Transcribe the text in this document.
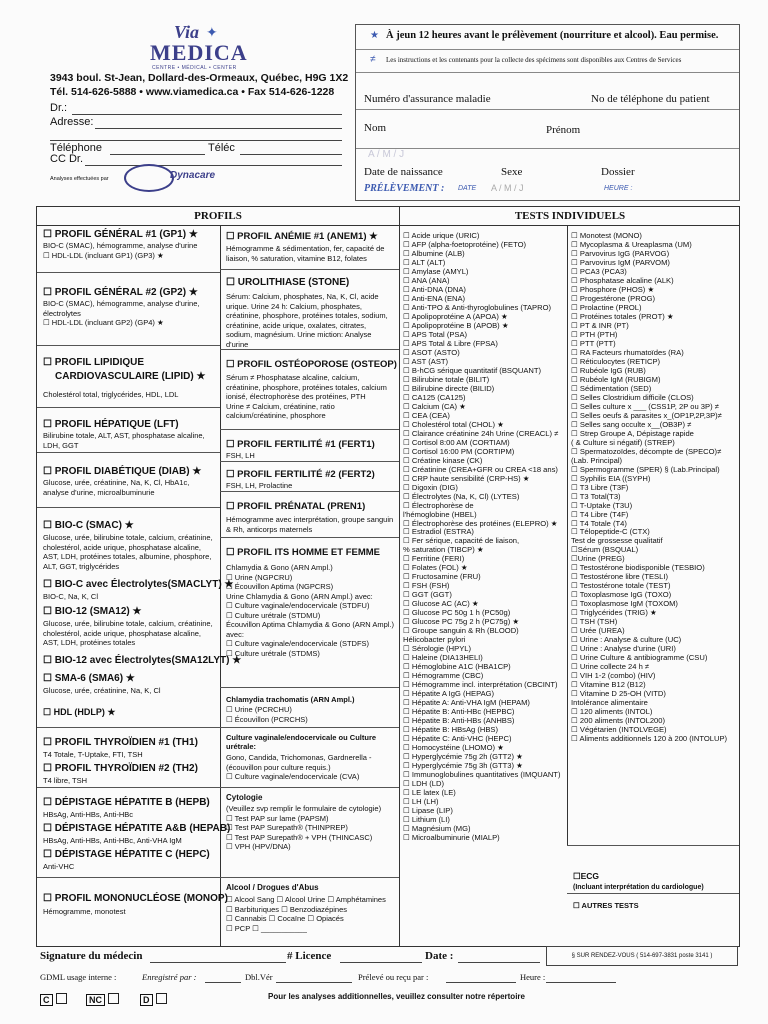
Via ✦
MEDICA
CENTRE • MÉDICAL • CENTER
3943 boul. St-Jean, Dollard-des-Ormeaux, Québec, H9G 1X2
Tél. 514-626-5888 • www.viamedica.ca • Fax 514-626-1228
Dr.:
Adresse:
Téléphone	Téléc
CC Dr.
Analyses effectuées par	Dynacare
★ À jeun 12 heures avant le prélèvement (nourriture et alcool). Eau permise.
≠ Les instructions et les contenants pour la collecte des spécimens sont disponibles aux Centres de Services
Numéro d'assurance maladie	No de téléphone du patient
Nom	Prénom
A / M / J
Date de naissance	Sexe	Dossier
PRÉLÈVEMENT : DATE A / M / J	HEURE :
PROFILS	TESTS INDIVIDUELS
☐ PROFIL GÉNÉRAL #1 (GP1) ★
BIO-C (SMAC), hémogramme, analyse d'urine
☐ HDL-LDL (incluant GP1) (GP3) ★
☐ PROFIL GÉNÉRAL #2 (GP2) ★
BIO-C (SMAC), hémogramme, analyse d'urine, électrolytes
☐ HDL-LDL (incluant GP2) (GP4) ★
☐ PROFIL LIPIDIQUE
CARDIOVASCULAIRE (LIPID) ★
Cholestérol total, triglycérides, HDL, LDL
☐ PROFIL HÉPATIQUE (LFT)
Bilirubine totale, ALT, AST, phosphatase alcaline, LDH, GGT
☐ PROFIL DIABÉTIQUE (DIAB) ★
Glucose, urée, créatinine, Na, K, Cl, HbA1c, analyse d'urine, microalbuminurie
☐ BIO-C (SMAC) ★
Glucose, urée, bilirubine totale, calcium, créatinine, cholestérol, acide urique, phosphatase alcaline, AST, LDH, protéines totales, albumine, phosphore, ALT, GGT, triglycérides
☐ BIO-C avec Électrolytes(SMACLYT) ★
BIO-C, Na, K, Cl
☐ BIO-12 (SMA12) ★
Glucose, urée, bilirubine totale, calcium, créatinine, cholestérol, acide urique, phosphatase alcaline, AST, LDH, protéines totales
☐ BIO-12 avec Électrolytes(SMA12LYT) ★
☐ SMA-6 (SMA6) ★
Glucose, urée, créatinine, Na, K, Cl
☐ HDL (HDLP) ★
☐ PROFIL THYROÏDIEN #1 (TH1)
T4 Totale, T-Uptake, FTI, TSH
☐ PROFIL THYROÏDIEN #2 (TH2)
T4 libre, TSH
☐ DÉPISTAGE HÉPATITE B (HEPB)
HBsAg, Anti-HBs, Anti-HBc
☐ DÉPISTAGE HÉPATITE A&B (HEPAB)
HBsAg, Anti-HBs, Anti-HBc, Anti-VHA IgM
☐ DÉPISTAGE HÉPATITE C (HEPC)
Anti-VHC
☐ PROFIL MONONUCLÉOSE (MONOP)
Hémogramme, monotest
☐ PROFIL ANÉMIE #1 (ANEM1) ★
Hémogramme & sédimentation, fer, capacité de liaison, % saturation, vitamine B12, folates
☐ UROLITHIASE (STONE)
Sérum: Calcium, phosphates, Na, K, Cl, acide urique. Urine 24 h: Calcium, phosphates, créatinine, phosphore, protéines totales, sodium, créatinine, acide urique, oxalates, citrates, sodium, magnésium. Urine miction: Analyse d'urine
☐ PROFIL OSTÉOPOROSE (OSTEOP)
Sérum ≠ Phosphatase alcaline, calcium, créatinine, phosphore, protéines totales, calcium ionisé, électrophorèse des protéines, PTH
Urine ≠ Calcium, créatinine, ratio calcium/créatinine, phosphore
☐ PROFIL FERTILITÉ #1 (FERT1)
FSH, LH
☐ PROFIL FERTILITÉ #2 (FERT2)
FSH, LH, Prolactine
☐ PROFIL PRÉNATAL (PREN1)
Hémogramme avec interprétation, groupe sanguin & Rh, anticorps maternels
☐ PROFIL ITS HOMME ET FEMME
Chlamydia & Gono (ARN Ampl.)
☐ Urine (NGPCRU)
☐ Écouvillon Aptima (NGPCRS)
Urine Chlamydia & Gono (ARN Ampl.) avec:
☐ Culture vaginale/endocervicale (STDFU)
☐ Culture urétrale (STDMU)
Écouvillon Aptima Chlamydia & Gono (ARN Ampl.) avec:
☐ Culture vaginale/endocervicale (STDFS)
☐ Culture urétrale (STDMS)
Chlamydia trachomatis (ARN Ampl.)
☐ Urine (PCRCHU)
☐ Écouvillon (PCRCHS)
Culture vaginale/endocervicale ou Culture urétrale:
Gono, Candida, Trichomonas, Gardnerella - (écouvillon pour culture requis.)
☐ Culture vaginale/endocervicale (CVA)
Cytologie
(Veuillez svp remplir le formulaire de cytologie)
☐ Test PAP sur lame (PAPSM)
☐ Test PAP Surepath® (THINPREP)
☐ Test PAP Surepath® + VPH (THINCASC)
☐ VPH (HPV/DNA)
Alcool / Drogues d'Abus
☐ Alcool Sang ☐ Alcool Urine ☐ Amphétamines
☐ Barbituriques ☐ Benzodiazépines
☐ Cannabis ☐ Cocaïne ☐ Opiacés
☐ PCP ☐ ___________
☐ Acide urique (URIC)
☐ AFP (alpha-foetoprotéine) (FETO)
☐ Albumine (ALB)
☐ ALT (ALT)
☐ Amylase (AMYL)
☐ ANA (ANA)
☐ Anti-DNA (DNA)
☐ Anti-ENA (ENA)
☐ Anti-TPO & Anti-thyroglobulines (TAPRO)
☐ Apolipoprotéine A (APOA) ★
☐ Apolipoprotéine B (APOB) ★
☐ APS Total (PSA)
☐ APS Total & Libre (FPSA)
☐ ASOT (ASTO)
☐ AST (AST)
☐ B-hCG sérique quantitatif (BSQUANT)
☐ Bilirubine totale (BILIT)
☐ Bilirubine directe (BILID)
☐ CA125 (CA125)
☐ Calcium (CA) ★
☐ CEA (CEA)
☐ Cholestérol total (CHOL) ★
☐ Clairance créatinine 24h Urine (CREACL) ≠
☐ Cortisol 8:00 AM (CORTIAM)
☐ Cortisol 16:00 PM (CORTIPM)
☐ Créatine kinase (CK)
☐ Créatinine (CREA+GFR ou CREA <18 ans)
☐ CRP haute sensibilité (CRP-HS) ★
☐ Digoxin (DIG)
☐ Électrolytes (Na, K, Cl) (LYTES)
☐ Électrophorèse de
l'hémoglobine (HBEL)
☐ Électrophorèse des protéines (ELEPRO) ★
☐ Estradiol (ESTRA)
☐ Fer sérique, capacité de liaison,
% saturation (TIBCP) ★
☐ Ferritine (FERI)
☐ Folates (FOL) ★
☐ Fructosamine (FRU)
☐ FSH (FSH)
☐ GGT (GGT)
☐ Glucose AC (AC) ★
☐ Glucose PC 50g 1 h (PC50g)
☐ Glucose PC 75g 2 h (PC75g) ★
☐ Groupe sanguin & Rh (BLOOD)
Hélicobacter pylori
☐ Sérologie (HPYL)
☐ Haleine (DIA13HELI)
☐ Hémoglobine A1C (HBA1CP)
☐ Hémogramme (CBC)
☐ Hémogramme incl. interprétation (CBCINT)
☐ Hépatite A IgG (HEPAG)
☐ Hépatite A: Anti-VHA IgM (HEPAM)
☐ Hépatite B: Anti-HBc (HEPBC)
☐ Hépatite B: Anti-HBs (ANHBS)
☐ Hépatite B: HBsAg (HBS)
☐ Hépatite C: Anti-VHC (HEPC)
☐ Homocystéine (LHOMO) ★
☐ Hyperglycémie 75g 2h (GTT2) ★
☐ Hyperglycémie 75g 3h (GTT3) ★
☐ Immunoglobulines quantitatives (IMQUANT)
☐ LDH (LD)
☐ LE latex (LE)
☐ LH (LH)
☐ Lipase (LIP)
☐ Lithium (LI)
☐ Magnésium (MG)
☐ Microalbuminurie (MIALP)
☐ Monotest (MONO)
☐ Mycoplasma & Ureaplasma (UM)
☐ Parvovirus IgG (PARVOG)
☐ Parvovirus IgM (PARVOM)
☐ PCA3 (PCA3)
☐ Phosphatase alcaline (ALK)
☐ Phosphore (PHOS) ★
☐ Progestérone (PROG)
☐ Prolactine (PROL)
☐ Protéines totales (PROT) ★
☐ PT & INR (PT)
☐ PTH (PTH)
☐ PTT (PTT)
☐ RA Facteurs rhumatoïdes (RA)
☐ Réticulocytes (RETICP)
☐ Rubéole IgG (RUB)
☐ Rubéole IgM (RUBIGM)
☐ Sédimentation (SED)
☐ Selles Clostridium difficile (CLOS)
☐ Selles culture x ___ (CSS1P, 2P ou 3P) ≠
☐ Selles oeufs & parasites x_(OP1P,2P,3P)≠
☐ Selles sang occulte x__(OB3P) ≠
☐ Strep Groupe A, Dépistage rapide
( & Culture si négatif) (STREP)
☐ Spermatozoïdes, décompte de (SPECO)≠
(Lab. Principal)
☐ Spermogramme (SPER) § (Lab.Principal)
☐ Syphilis EIA ((SYPH)
☐ T3 Libre (T3F)
☐ T3 Total(T3)
☐ T-Uptake (T3U)
☐ T4 Libre (T4F)
☐ T4 Totale (T4)
☐ Télopeptide-C (CTX)
Test de grossesse qualitatif
☐Sérum (BSQUAL)
☐Urine (PREG)
☐ Testostérone biodisponible (TESBIO)
☐ Testostérone libre (TESLI)
☐ Testostérone totale (TEST)
☐ Toxoplasmose IgG (TOXO)
☐ Toxoplasmose IgM (TOXOM)
☐ Triglycérides (TRIG) ★
☐ TSH (TSH)
☐ Urée (UREA)
☐ Urine : Analyse & culture (UC)
☐ Urine : Analyse d'urine (URI)
☐ Urine Culture & antibiogramme (CSU)
☐ Urine collecte 24 h ≠
☐ VIH 1-2 (combo) (HIV)
☐ Vitamine B12 (B12)
☐ Vitamine D 25-OH (VITD)
Intolérance alimentaire
☐ 120 aliments (INTOL)
☐ 200 aliments (INTOL200)
☐ Végétarien (INTOLVEGE)
☐ Aliments additionnels 120 à 200 (INTOLUP)
☐ECG
(Incluant interprétation du cardiologue)
☐ AUTRES TESTS
Signature du médecin	# Licence	Date :	§ SUR RENDEZ-VOUS ( 514-697-3831 poste 3141 )
GDML usage interne :	Enregistré par :	Dbl.Vér	Prélevé ou reçu par :	Heure :
C	NC	D	Pour les analyses additionnelles, veuillez consulter notre répertoire
